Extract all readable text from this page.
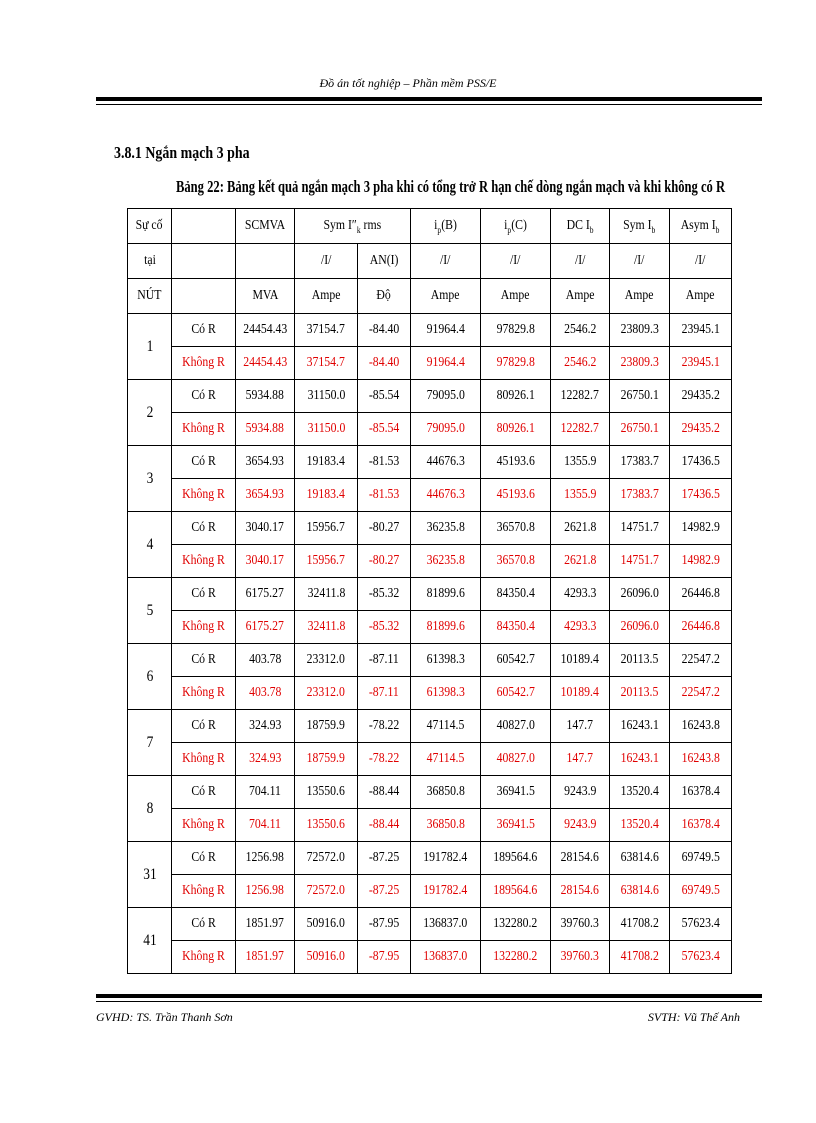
Đồ án tốt nghiệp – Phần mềm PSS/E
3.8.1 Ngắn mạch 3 pha
Bảng 22: Bảng kết quả ngắn mạch 3 pha khi có tổng trở R hạn chế dòng ngắn mạch và khi không có R
Sự cố		SCMVA	Sym $I''_k$ rms		$i_p(B)$	$i_p(C)$	DC $I_b$	Sym $I_b$	Asym $I_b$
tại			/I/	AN(I)	/I/	/I/	/I/	/I/	/I/
NÚT		MVA	Ampe	Độ	Ampe	Ampe	Ampe	Ampe	Ampe
1	Có R	24454.43	37154.7	-84.40	91964.4	97829.8	2546.2	23809.3	23945.1
	Không R	24454.43	37154.7	-84.40	91964.4	97829.8	2546.2	23809.3	23945.1
2	Có R	5934.88	31150.0	-85.54	79095.0	80926.1	12282.7	26750.1	29435.2
	Không R	5934.88	31150.0	-85.54	79095.0	80926.1	12282.7	26750.1	29435.2
3	Có R	3654.93	19183.4	-81.53	44676.3	45193.6	1355.9	17383.7	17436.5
	Không R	3654.93	19183.4	-81.53	44676.3	45193.6	1355.9	17383.7	17436.5
4	Có R	3040.17	15956.7	-80.27	36235.8	36570.8	2621.8	14751.7	14982.9
	Không R	3040.17	15956.7	-80.27	36235.8	36570.8	2621.8	14751.7	14982.9
5	Có R	6175.27	32411.8	-85.32	81899.6	84350.4	4293.3	26096.0	26446.8
	Không R	6175.27	32411.8	-85.32	81899.6	84350.4	4293.3	26096.0	26446.8
6	Có R	403.78	23312.0	-87.11	61398.3	60542.7	10189.4	20113.5	22547.2
	Không R	403.78	23312.0	-87.11	61398.3	60542.7	10189.4	20113.5	22547.2
7	Có R	324.93	18759.9	-78.22	47114.5	40827.0	147.7	16243.1	16243.8
	Không R	324.93	18759.9	-78.22	47114.5	40827.0	147.7	16243.1	16243.8
8	Có R	704.11	13550.6	-88.44	36850.8	36941.5	9243.9	13520.4	16378.4
	Không R	704.11	13550.6	-88.44	36850.8	36941.5	9243.9	13520.4	16378.4
31	Có R	1256.98	72572.0	-87.25	191782.4	189564.6	28154.6	63814.6	69749.5
	Không R	1256.98	72572.0	-87.25	191782.4	189564.6	28154.6	63814.6	69749.5
41	Có R	1851.97	50916.0	-87.95	136837.0	132280.2	39760.3	41708.2	57623.4
	Không R	1851.97	50916.0	-87.95	136837.0	132280.2	39760.3	41708.2	57623.4
GVHD: TS. Trần Thanh Sơn	SVTH: Vũ Thế Anh
